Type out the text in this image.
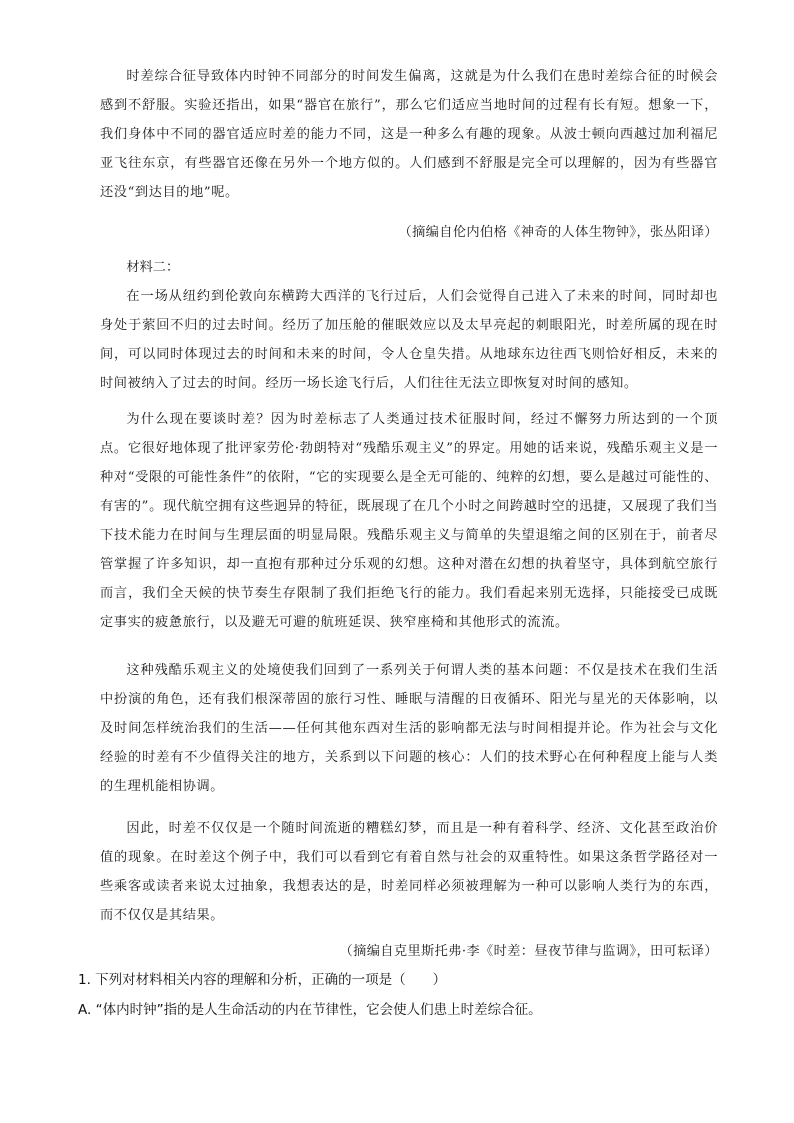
时差综合征导致体内时钟不同部分的时间发生偏离，这就是为什么我们在患时差综合征的时候会感到不舒服。实验还指出，如果“器官在旅行”，那么它们适应当地时间的过程有长有短。想象一下，我们身体中不同的器官适应时差的能力不同，这是一种多么有趣的现象。从波士顿向西越过加利福尼亚飞往东京，有些器官还像在另外一个地方似的。人们感到不舒服是完全可以理解的，因为有些器官还没“到达目的地”呢。

（摘编自伦内伯格《神奇的人体生物钟》，张丛阳译）

材料二：

在一场从纽约到伦敦向东横跨大西洋的飞行过后，人们会觉得自己进入了未来的时间，同时却也身处于萦回不归的过去时间。经历了加压舱的催眠效应以及太早亮起的刺眼阳光，时差所属的现在时间，可以同时体现过去的时间和未来的时间，令人仓皇失措。从地球东边往西飞则恰好相反，未来的时间被纳入了过去的时间。经历一场长途飞行后，人们往往无法立即恢复对时间的感知。

为什么现在要谈时差？因为时差标志了人类通过技术征服时间，经过不懈努力所达到的一个顶点。它很好地体现了批评家劳伦·勃朗特对“残酷乐观主义”的界定。用她的话来说，残酷乐观主义是一种对“受限的可能性条件”的依附，“它的实现要么是全无可能的、纯粹的幻想，要么是越过可能性的、有害的”。现代航空拥有这些迥异的特征，既展现了在几个小时之间跨越时空的迅捷，又展现了我们当下技术能力在时间与生理层面的明显局限。残酷乐观主义与简单的失望退缩之间的区别在于，前者尽管掌握了许多知识，却一直抱有那种过分乐观的幻想。这种对潜在幻想的执着坚守，具体到航空旅行而言，我们全天候的快节奏生存限制了我们拒绝飞行的能力。我们看起来别无选择，只能接受已成既定事实的疲惫旅行，以及避无可避的航班延误、狭窄座椅和其他形式的流流。

这种残酷乐观主义的处境使我们回到了一系列关于何谓人类的基本问题：不仅是技术在我们生活中扮演的角色，还有我们根深蒂固的旅行习性、睡眠与清醒的日夜循环、阳光与星光的天体影响，以及时间怎样统治我们的生活——任何其他东西对生活的影响都无法与时间相提并论。作为社会与文化经验的时差有不少值得关注的地方，关系到以下问题的核心：人们的技术野心在何种程度上能与人类的生理机能相协调。

因此，时差不仅仅是一个随时间流逝的糟糕幻梦，而且是一种有着科学、经济、文化甚至政治价值的现象。在时差这个例子中，我们可以看到它有着自然与社会的双重特性。如果这条哲学路径对一些乘客或读者来说太过抽象，我想表达的是，时差同样必须被理解为一种可以影响人类行为的东西，而不仅仅是其结果。

（摘编自克里斯托弗·李《时差：昼夜节律与监调》，田可耘译）

1. 下列对材料相关内容的理解和分析，正确的一项是（　　）

A. “体内时钟”指的是人生命活动的内在节律性，它会使人们患上时差综合征。
